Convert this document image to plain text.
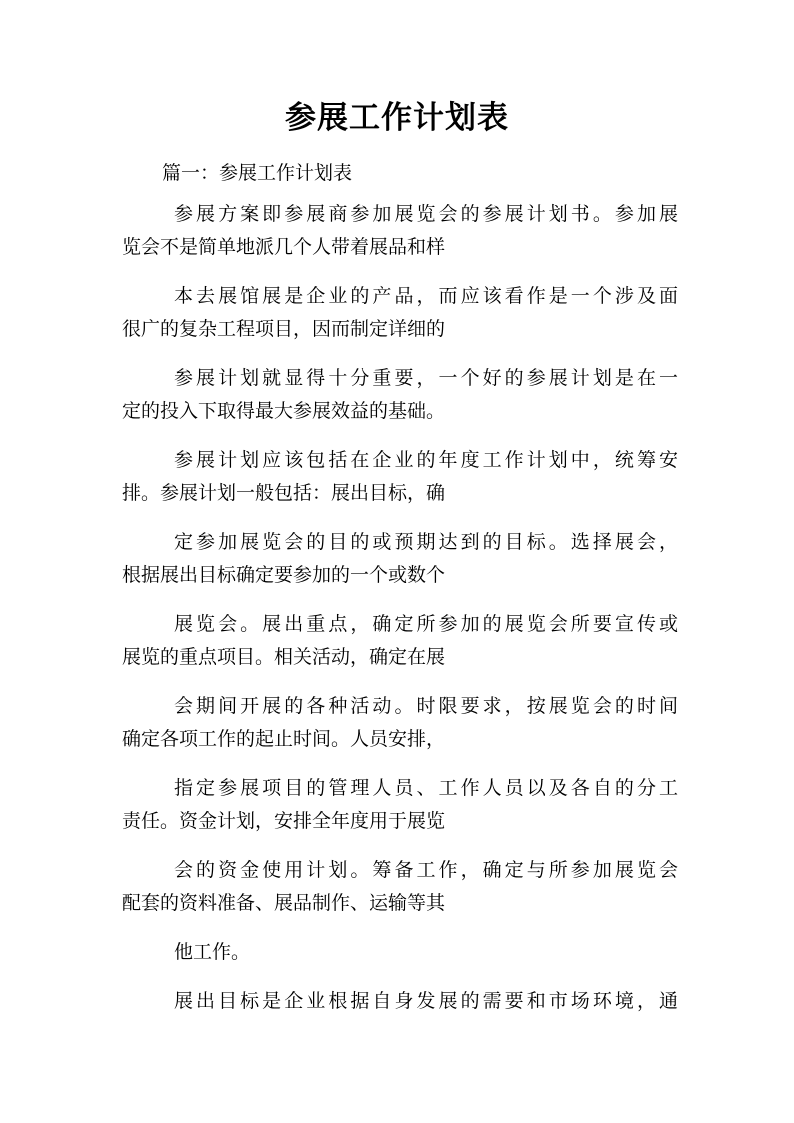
参展工作计划表
篇一：参展工作计划表

参展方案即参展商参加展览会的参展计划书。参加展
览会不是简单地派几个人带着展品和样

本去展馆展是企业的产品，而应该看作是一个涉及面
很广的复杂工程项目，因而制定详细的

参展计划就显得十分重要，一个好的参展计划是在一
定的投入下取得最大参展效益的基础。

参展计划应该包括在企业的年度工作计划中，统筹安
排。参展计划一般包括：展出目标，确

定参加展览会的目的或预期达到的目标。选择展会，
根据展出目标确定要参加的一个或数个

展览会。展出重点，确定所参加的展览会所要宣传或
展览的重点项目。相关活动，确定在展

会期间开展的各种活动。时限要求，按展览会的时间
确定各项工作的起止时间。人员安排，

指定参展项目的管理人员、工作人员以及各自的分工
责任。资金计划，安排全年度用于展览

会的资金使用计划。筹备工作，确定与所参加展览会
配套的资料准备、展品制作、运输等其

他工作。

展出目标是企业根据自身发展的需要和市场环境，通
